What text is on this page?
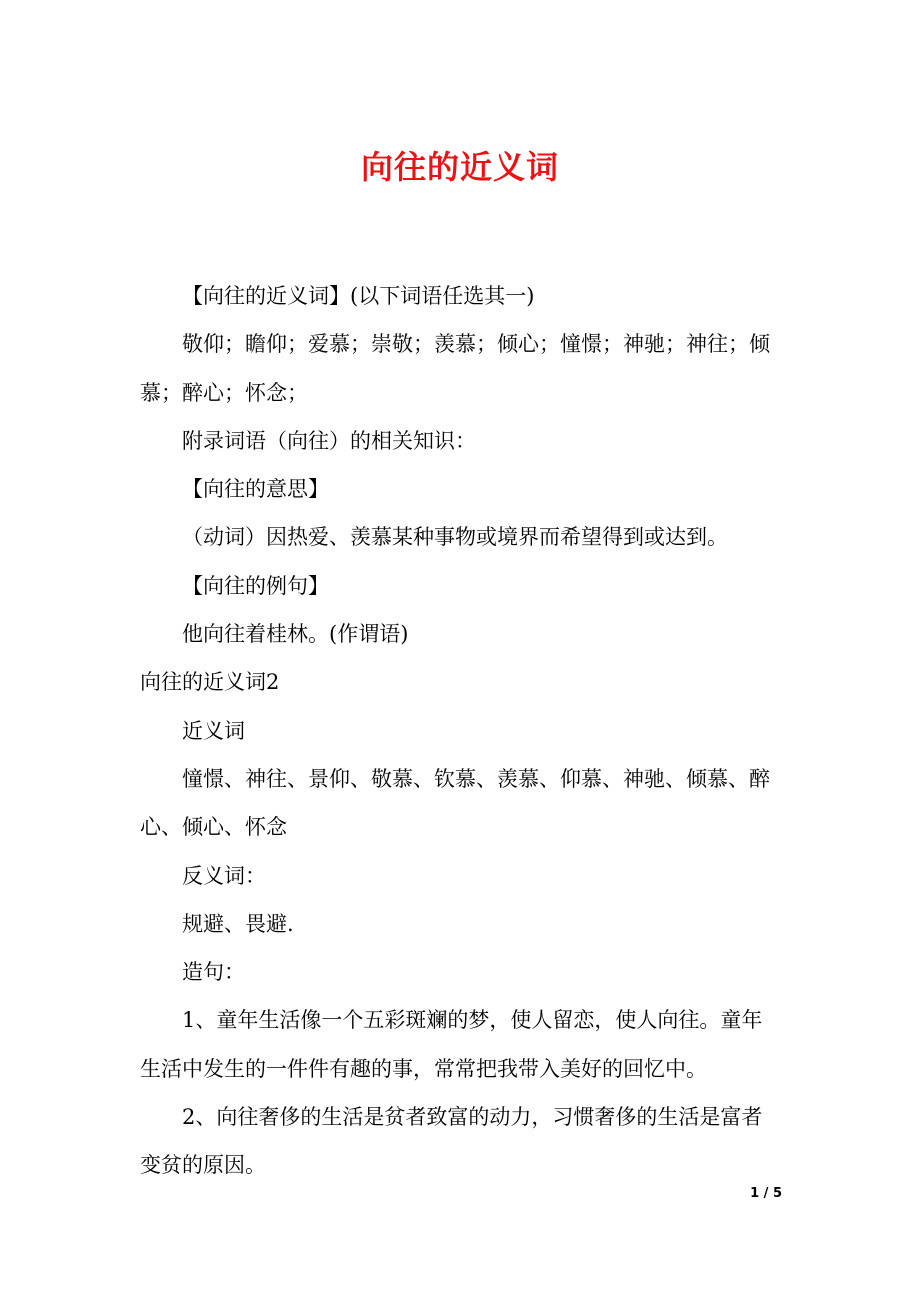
向往的近义词

【向往的近义词】(以下词语任选其一)

敬仰；瞻仰；爱慕；崇敬；羡慕；倾心；憧憬；神驰；神往；倾慕；醉心；怀念；

附录词语（向往）的相关知识：

【向往的意思】

（动词）因热爱、羡慕某种事物或境界而希望得到或达到。

【向往的例句】

他向往着桂林。(作谓语)

向往的近义词2

近义词

憧憬、神往、景仰、敬慕、钦慕、羡慕、仰慕、神驰、倾慕、醉心、倾心、怀念

反义词：

规避、畏避.

造句：

1、童年生活像一个五彩斑斓的梦，使人留恋，使人向往。童年生活中发生的一件件有趣的事，常常把我带入美好的回忆中。

2、向往奢侈的生活是贫者致富的动力，习惯奢侈的生活是富者变贫的原因。

1 / 5
